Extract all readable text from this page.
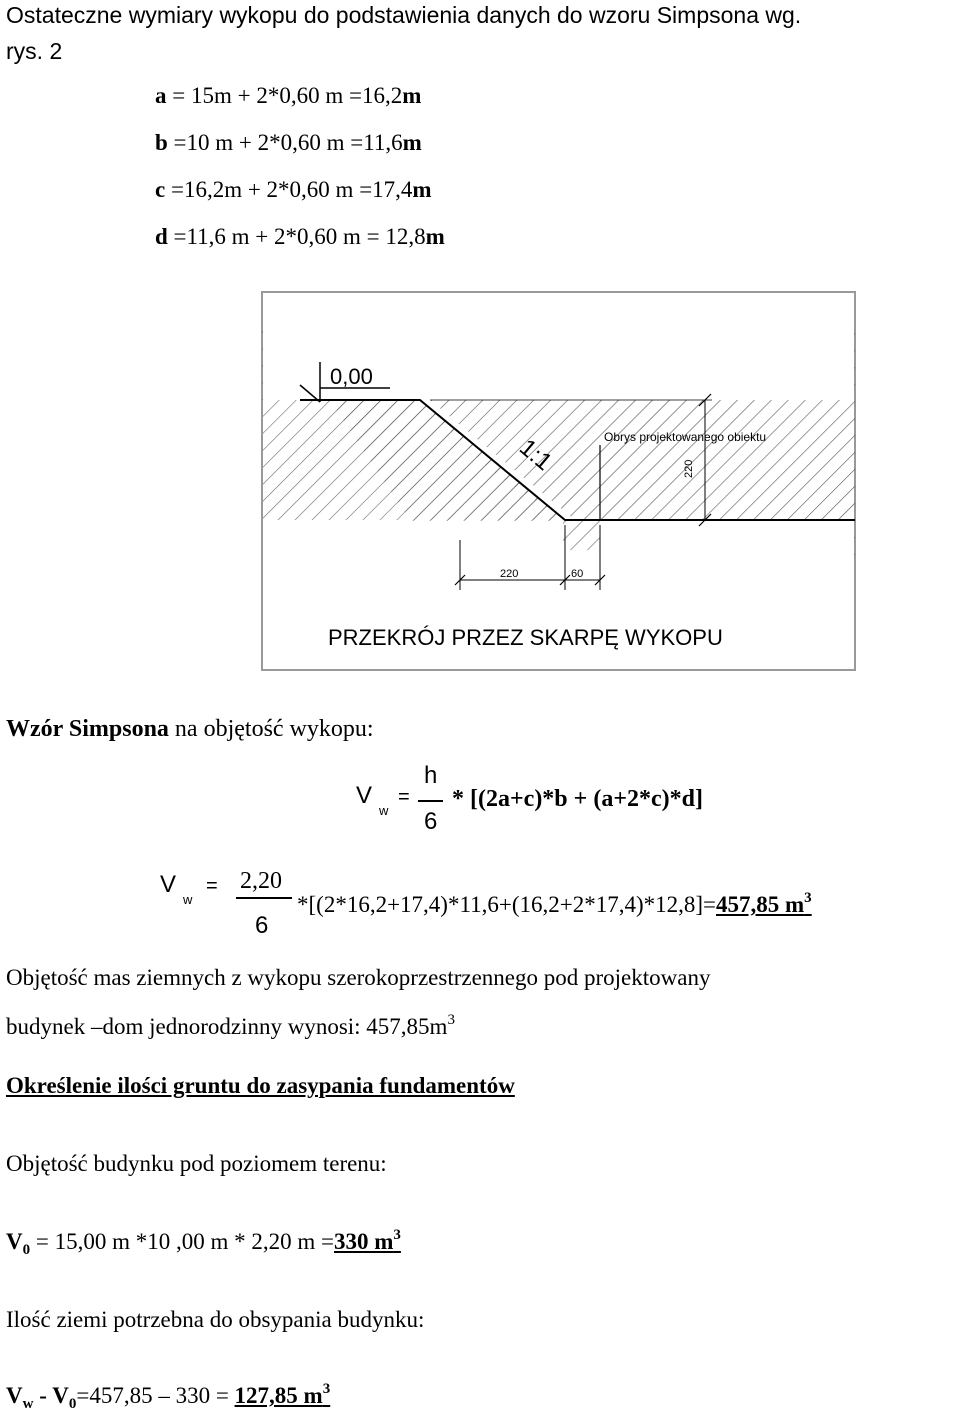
Ostateczne wymiary wykopu do podstawienia danych do wzoru Simpsona wg.
rys. 2
a = 15m + 2*0,60 m =16,2m
b =10 m + 2*0,60 m =11,6m
c =16,2m + 2*0,60 m =17,4m
d =11,6 m + 2*0,60 m = 12,8m
0,00
1:1	Obrys projektowanego obiektu
220
220	60
PRZEKRÓJ PRZEZ SKARPĘ WYKOPU
Wzór Simpsona na objętość wykopu:
V
w
=
h
6
* [(2a+c)*b + (a+2*c)*d]
V
w
= 2,20
6
*[(2*16,2+17,4)*11,6+(16,2+2*17,4)*12,8]=457,85 $m^3$
Objętość mas ziemnych z wykopu szerokoprzestrzennego pod projektowany
budynek –dom jednorodzinny wynosi: $457,85m^3$
Określenie ilości gruntu do zasypania fundamentów
Objętość budynku pod poziomem terenu:
$V_0 = 15,00$ m *10 ,00 m * 2,20 m =330 $m^3$
Ilość ziemi potrzebna do obsypania budynku:
$V_w - V_0=457,85 - 330 = 127,85$ $m^3$
